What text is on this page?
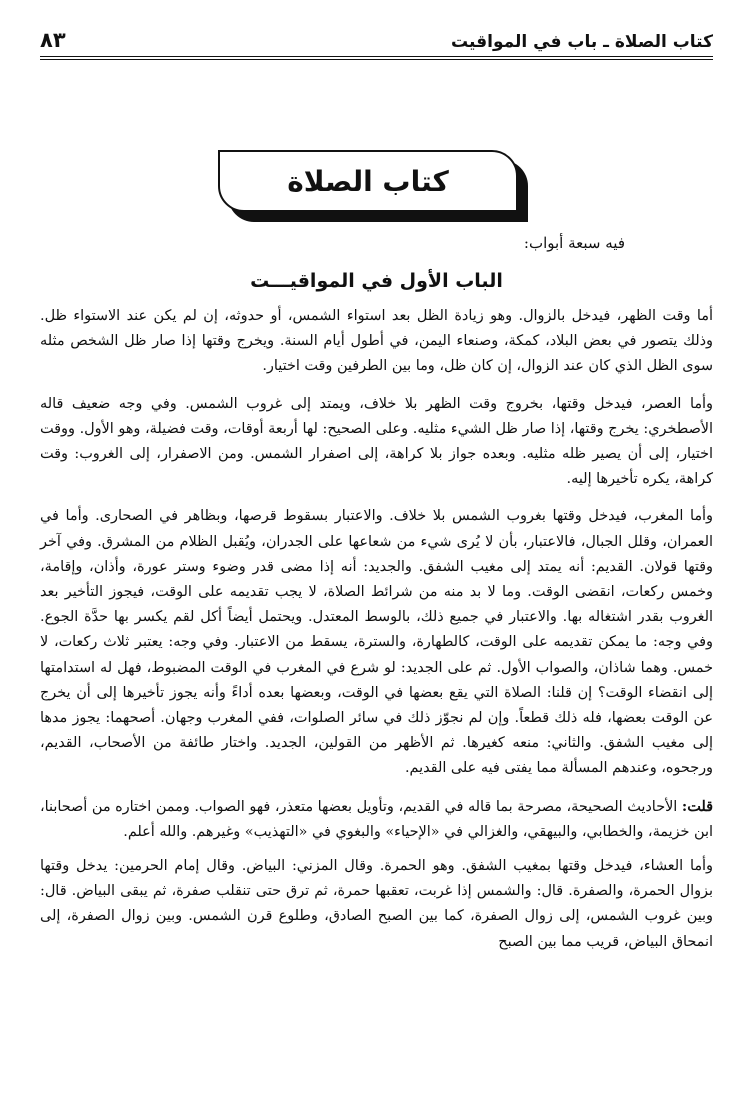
كتاب الصلاة ـ باب في المواقيت
٨٣
كتاب الصلاة
فيه سبعة أبواب:
الباب الأول في المواقيـــت

أما وقت الظهر، فيدخل بالزوال. وهو زيادة الظل بعد استواء الشمس، أو حدوثه، إن لم يكن عند الاستواء ظل. وذلك يتصور في بعض البلاد، كمكة، وصنعاء اليمن، في أطول أيام السنة. ويخرج وقتها إذا صار ظل الشخص مثله سوى الظل الذي كان عند الزوال، إن كان ظل، وما بين الطرفين وقت اختيار.

وأما العصر، فيدخل وقتها، بخروج وقت الظهر بلا خلاف، ويمتد إلى غروب الشمس. وفي وجه ضعيف قاله الأصطخري: يخرج وقتها، إذا صار ظل الشيء مثليه. وعلى الصحيح: لها أربعة أوقات، وقت فضيلة، وهو الأول. ووقت اختيار، إلى أن يصير ظله مثليه. وبعده جواز بلا كراهة، إلى اصفرار الشمس. ومن الاصفرار، إلى الغروب: وقت كراهة، يكره تأخيرها إليه.

وأما المغرب، فيدخل وقتها بغروب الشمس بلا خلاف. والاعتبار بسقوط قرصها، وبظاهر في الصحارى. وأما في العمران، وقلل الجبال، فالاعتبار، بأن لا يُرى شيء من شعاعها على الجدران، ويُقبل الظلام من المشرق. وفي آخر وقتها قولان. القديم: أنه يمتد إلى مغيب الشفق. والجديد: أنه إذا مضى قدر وضوء وستر عورة، وأذان، وإقامة، وخمس ركعات، انقضى الوقت. وما لا بد منه من شرائط الصلاة، لا يجب تقديمه على الوقت، فيجوز التأخير بعد الغروب بقدر اشتغاله بها. والاعتبار في جميع ذلك، بالوسط المعتدل. ويحتمل أيضاً أكل لقم يكسر بها حدَّة الجوع. وفي وجه: ما يمكن تقديمه على الوقت، كالطهارة، والسترة، يسقط من الاعتبار. وفي وجه: يعتبر ثلاث ركعات، لا خمس. وهما شاذان، والصواب الأول. ثم على الجديد: لو شرع في المغرب في الوقت المضبوط، فهل له استدامتها إلى انقضاء الوقت؟ إن قلنا: الصلاة التي يقع بعضها في الوقت، وبعضها بعده أداءً وأنه يجوز تأخيرها إلى أن يخرج عن الوقت بعضها، فله ذلك قطعاً. وإن لم نجوّز ذلك في سائر الصلوات، ففي المغرب وجهان. أصحهما: يجوز مدها إلى مغيب الشفق. والثاني: منعه كغيرها. ثم الأظهر من القولين، الجديد. واختار طائفة من الأصحاب، القديم، ورجحوه، وعندهم المسألة مما يفتى فيه على القديم.

قلت: الأحاديث الصحيحة، مصرحة بما قاله في القديم، وتأويل بعضها متعذر، فهو الصواب. وممن اختاره من أصحابنا، ابن خزيمة، والخطابي، والبيهقي، والغزالي في «الإحياء» والبغوي في «التهذيب» وغيرهم. والله أعلم.

وأما العشاء، فيدخل وقتها بمغيب الشفق. وهو الحمرة. وقال المزني: البياض. وقال إمام الحرمين: يدخل وقتها بزوال الحمرة، والصفرة. قال: والشمس إذا غربت، تعقبها حمرة، ثم ترق حتى تنقلب صفرة، ثم يبقى البياض. قال: وبين غروب الشمس، إلى زوال الصفرة، كما بين الصبح الصادق، وطلوع قرن الشمس. وبين زوال الصفرة، إلى انمحاق البياض، قريب مما بين الصبح
